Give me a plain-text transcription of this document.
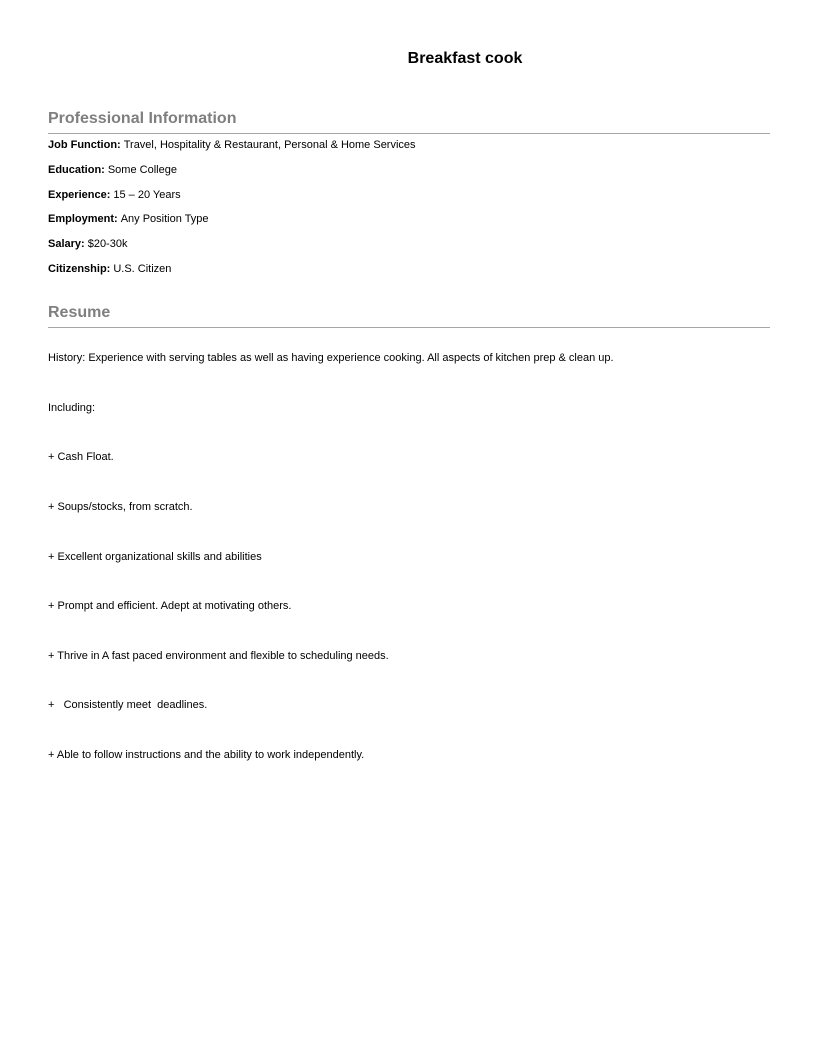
Breakfast cook
Professional Information
Job Function: Travel, Hospitality & Restaurant, Personal & Home Services
Education: Some College
Experience: 15 – 20 Years
Employment: Any Position Type
Salary: $20-30k
Citizenship: U.S. Citizen
Resume
History: Experience with serving tables as well as having experience cooking. All aspects of kitchen prep & clean up.
Including:
+ Cash Float.
+ Soups/stocks, from scratch.
+ Excellent organizational skills and abilities
+ Prompt and efficient. Adept at motivating others.
+ Thrive in A fast paced environment and flexible to scheduling needs.
+   Consistently meet  deadlines.
+ Able to follow instructions and the ability to work independently.
